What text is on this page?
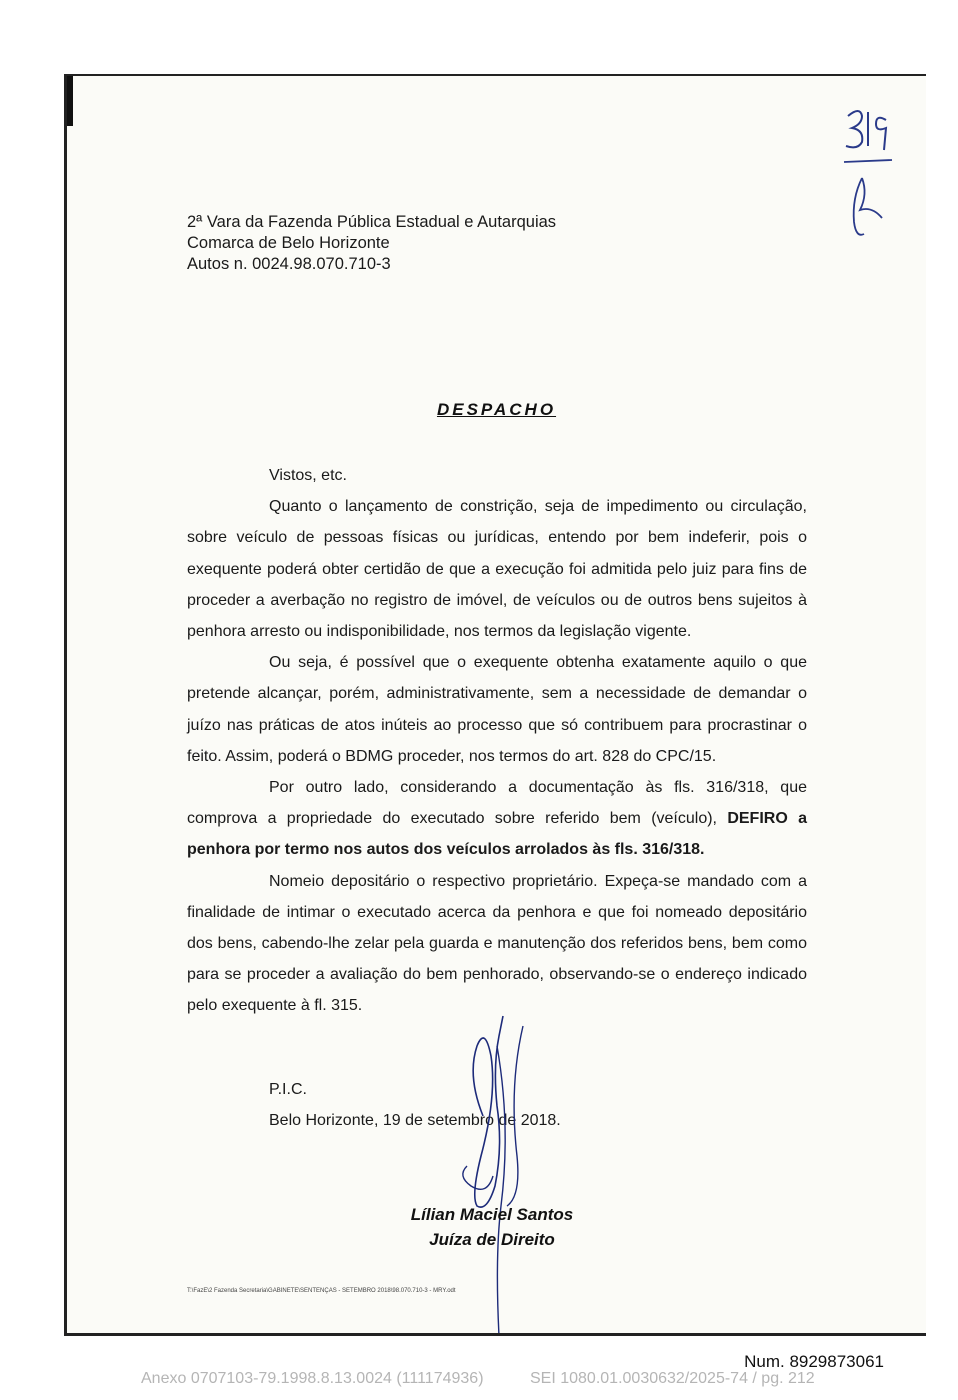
2ª Vara da Fazenda Pública Estadual e Autarquias
Comarca de Belo Horizonte
Autos n. 0024.98.070.710-3
DESPACHO

Vistos, etc.

Quanto o lançamento de constrição, seja de impedimento ou circulação, sobre veículo de pessoas físicas ou jurídicas, entendo por bem indeferir, pois o exequente poderá obter certidão de que a execução foi admitida pelo juiz para fins de proceder a averbação no registro de imóvel, de veículos ou de outros bens sujeitos à penhora arresto ou indisponibilidade, nos termos da legislação vigente.

Ou seja, é possível que o exequente obtenha exatamente aquilo o que pretende alcançar, porém, administrativamente, sem a necessidade de demandar o juízo nas práticas de atos inúteis ao processo que só contribuem para procrastinar o feito. Assim, poderá o BDMG proceder, nos termos do art. 828 do CPC/15.

Por outro lado, considerando a documentação às fls. 316/318, que comprova a propriedade do executado sobre referido bem (veículo), DEFIRO a penhora por termo nos autos dos veículos arrolados às fls. 316/318.

Nomeio depositário o respectivo proprietário. Expeça-se mandado com a finalidade de intimar o executado acerca da penhora e que foi nomeado depositário dos bens, cabendo-lhe zelar pela guarda e manutenção dos referidos bens, bem como para se proceder a avaliação do bem penhorado, observando-se o endereço indicado pelo exequente à fl. 315.

P.I.C.
Belo Horizonte, 19 de setembro de 2018.
Lílian Maciel Santos
Juíza de Direito
T:\FazE\2 Fazenda Secretaria\GABINETE\SENTENÇAS - SETEMBRO 2018\98.070.710-3 - MRY.odt
Num. 8929873061
Anexo 0707103-79.1998.8.13.0024 (111174936)	SEI 1080.01.0030632/2025-74 / pg. 212
